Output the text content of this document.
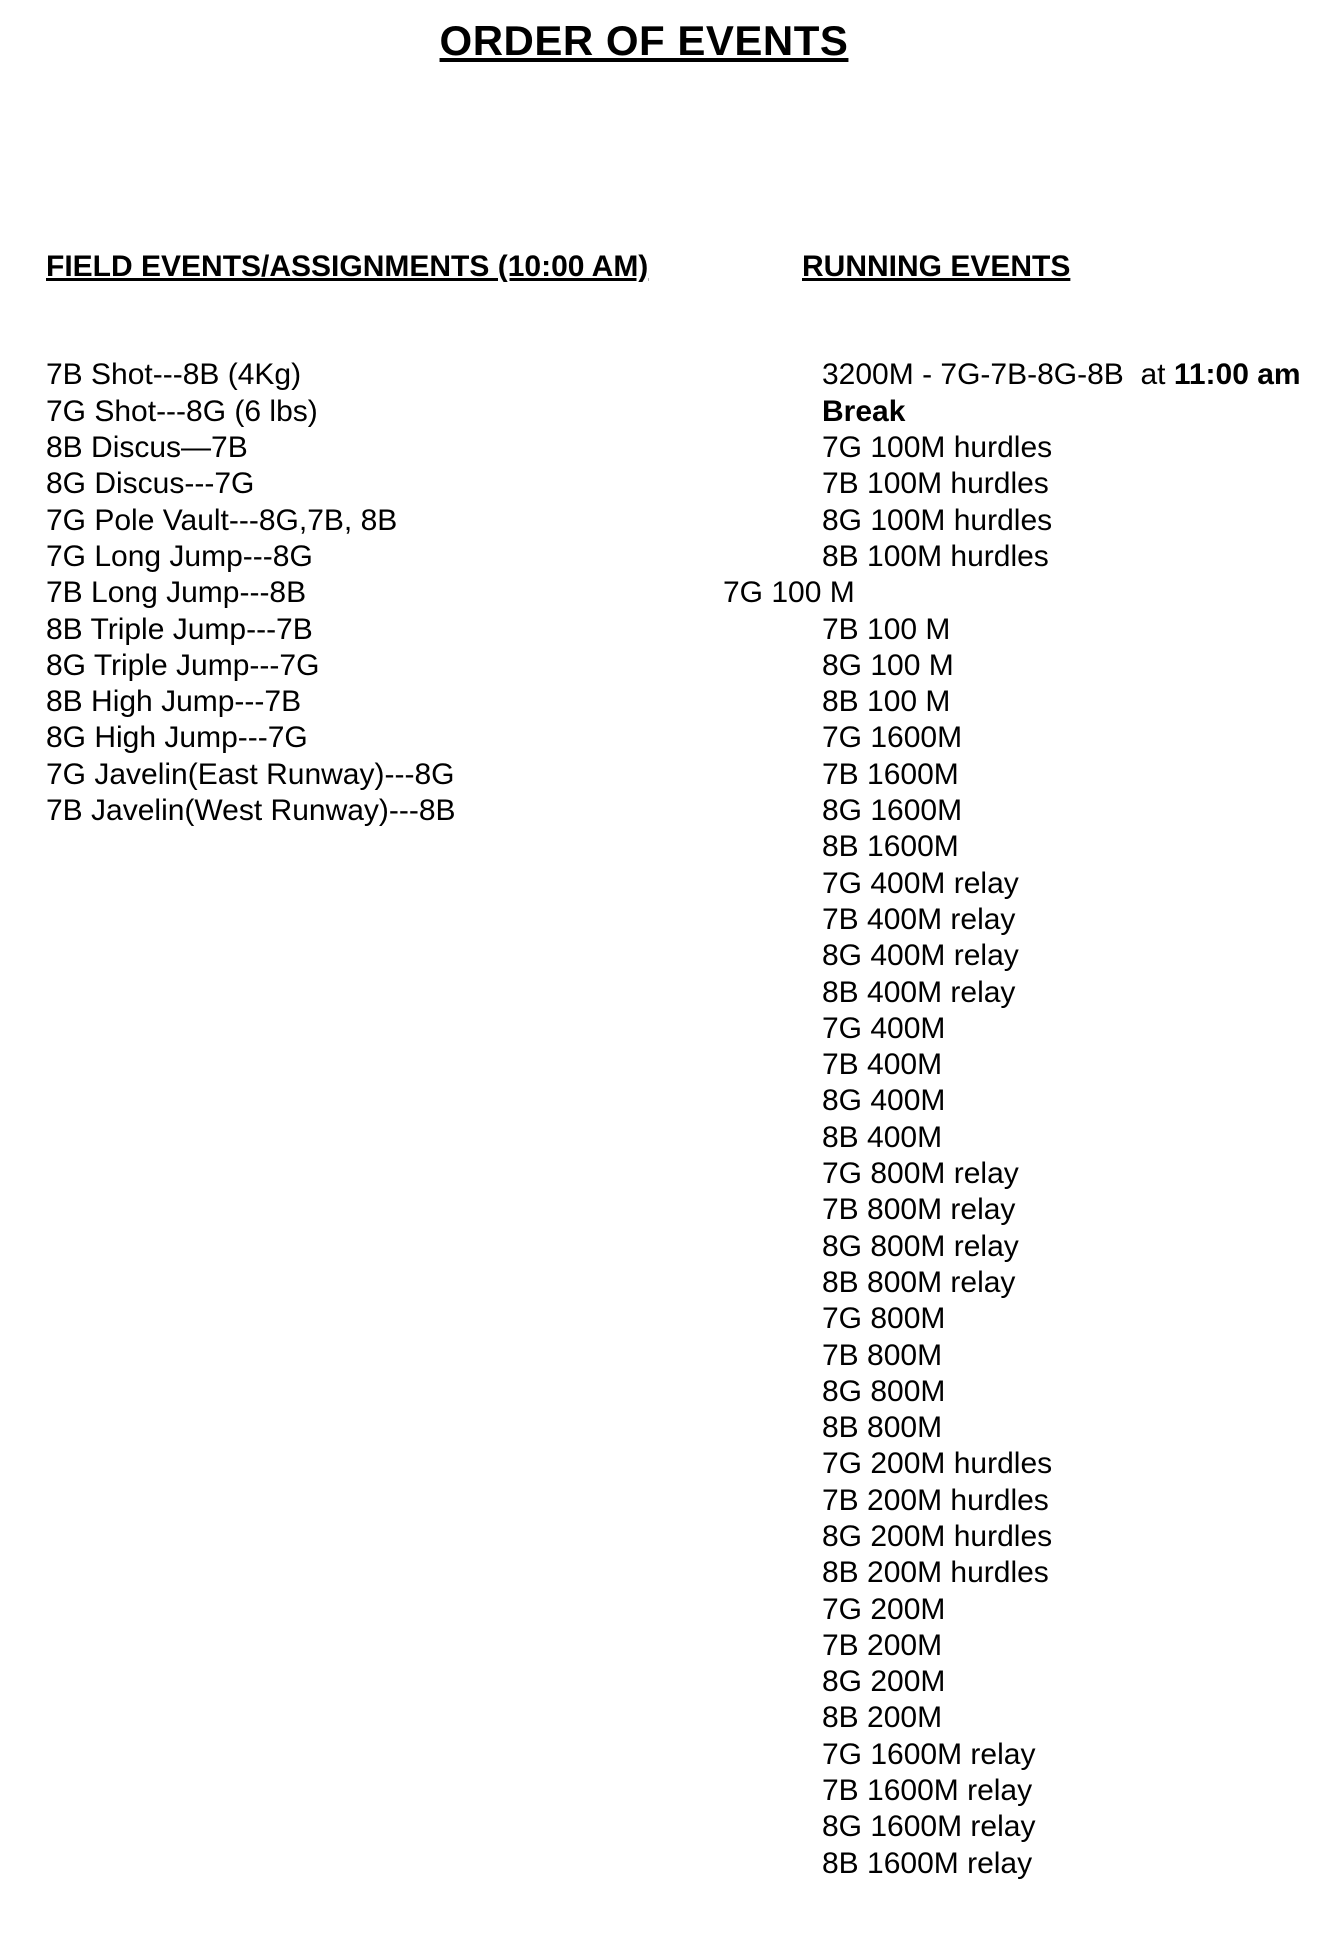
ORDER OF EVENTS

FIELD EVENTS/ASSIGNMENTS (10:00 AM)

7B Shot---8B (4Kg)
7G Shot---8G (6 lbs)
8B Discus—7B
8G Discus---7G
7G Pole Vault---8G,7B, 8B
7G Long Jump---8G
7B Long Jump---8B
8B Triple Jump---7B
8G Triple Jump---7G
8B High Jump---7B
8G High Jump---7G
7G Javelin(East Runway)---8G
7B Javelin(West Runway)---8B

RUNNING EVENTS

3200M - 7G-7B-8G-8B  at 11:00 am
Break
7G 100M hurdles
7B 100M hurdles
8G 100M hurdles
8B 100M hurdles
7G 100 M
7B 100 M
8G 100 M
8B 100 M
7G 1600M
7B 1600M
8G 1600M
8B 1600M
7G 400M relay
7B 400M relay
8G 400M relay
8B 400M relay
7G 400M
7B 400M
8G 400M
8B 400M
7G 800M relay
7B 800M relay
8G 800M relay
8B 800M relay
7G 800M
7B 800M
8G 800M
8B 800M
7G 200M hurdles
7B 200M hurdles
8G 200M hurdles
8B 200M hurdles
7G 200M
7B 200M
8G 200M
8B 200M
7G 1600M relay
7B 1600M relay
8G 1600M relay
8B 1600M relay
